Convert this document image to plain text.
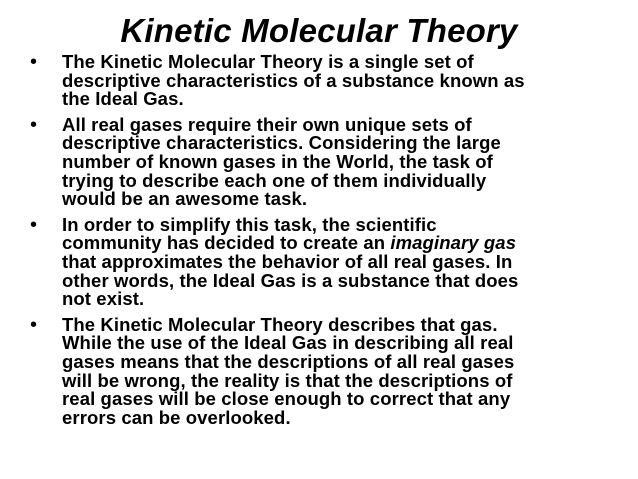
Kinetic Molecular Theory
• The Kinetic Molecular Theory is a single set of
descriptive characteristics of a substance known as
the Ideal Gas.
• All real gases require their own unique sets of
descriptive characteristics. Considering the large
number of known gases in the World, the task of
trying to describe each one of them individually
would be an awesome task.
• In order to simplify this task, the scientific
community has decided to create an imaginary gas
that approximates the behavior of all real gases. In
other words, the Ideal Gas is a substance that does
not exist.
• The Kinetic Molecular Theory describes that gas.
While the use of the Ideal Gas in describing all real
gases means that the descriptions of all real gases
will be wrong, the reality is that the descriptions of
real gases will be close enough to correct that any
errors can be overlooked.
